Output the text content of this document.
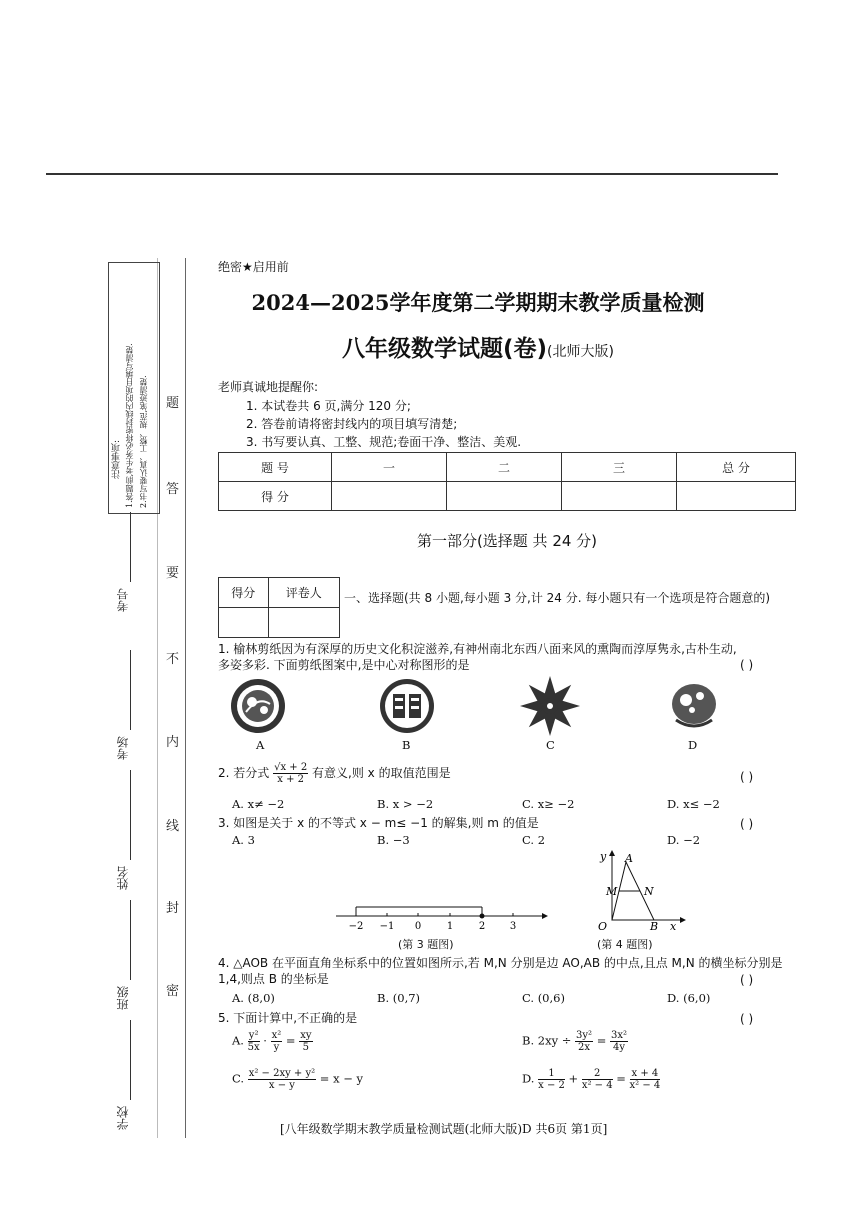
1.答题前,考生务必将密封线内的项目填写清楚. 2.书写要认真、工整、规范,笔迹清楚.
注意事项:
题
答
要
不
内
线
封
密
考号
考场
姓名
班级
学校
绝密★启用前
2024—2025学年度第二学期期末教学质量检测
八年级数学试题(卷)(北师大版)
老师真诚地提醒你:
1. 本试卷共 6 页,满分 120 分;
2. 答卷前请将密封线内的项目填写清楚;
3. 书写要认真、工整、规范;卷面干净、整洁、美观.
题 号	一	二	三	总 分
得 分				
第一部分(选择题 共 24 分)
得分	评卷人
	一、选择题(共 8 小题,每小题 3 分,计 24 分. 每小题只有一个选项是符合题意的)
1. 榆林剪纸因为有深厚的历史文化积淀滋养,有神州南北东西八面来风的熏陶而淳厚隽永,古朴生动,多姿多彩. 下面剪纸图案中,是中心对称图形的是	( )
A	B	C	D
2. 若分式 $\frac{√x + 2}{x + 2}$ 有意义,则 x 的取值范围是	( )
A. x≠ −2	B. x > −2	C. x≥ −2	D. x≤ −2
3. 如图是关于 x 的不等式 x − m≤ −1 的解集,则 m 的值是	( )
A. 3	B. −3	C. 2	D. −2
−2 −1 0	1	2 3
(第 3 题图)
y A
M N
O	B x
(第 4 题图)
4. △AOB 在平面直角坐标系中的位置如图所示,若 M,N 分别是边 AO,AB 的中点,且点 M,N 的横坐标分别是 1,4,则点 B 的坐标是	( )
A. (8,0)	B. (0,7)	C. (0,6)	D. (6,0)
5. 下面计算中,不正确的是	( )
A. $\frac{\text{y²}}{5x} \cdot \frac{\text{x²}}{y} = \frac{xy}{5}$	B. $2xy \div \frac{\text{3y²}}{2x} = \frac{\text{3x²}}{4y}$
C. $\frac{\text{x² − 2xy + y²}}{x - y} = x - y$	D. $\frac{1}{x - 2} + \frac{2}{\text{x² − 4}} = \frac{x + 4}{\text{x² − 4}}$
[八年级数学期末教学质量检测试题(北师大版)D 共6页 第1页]
